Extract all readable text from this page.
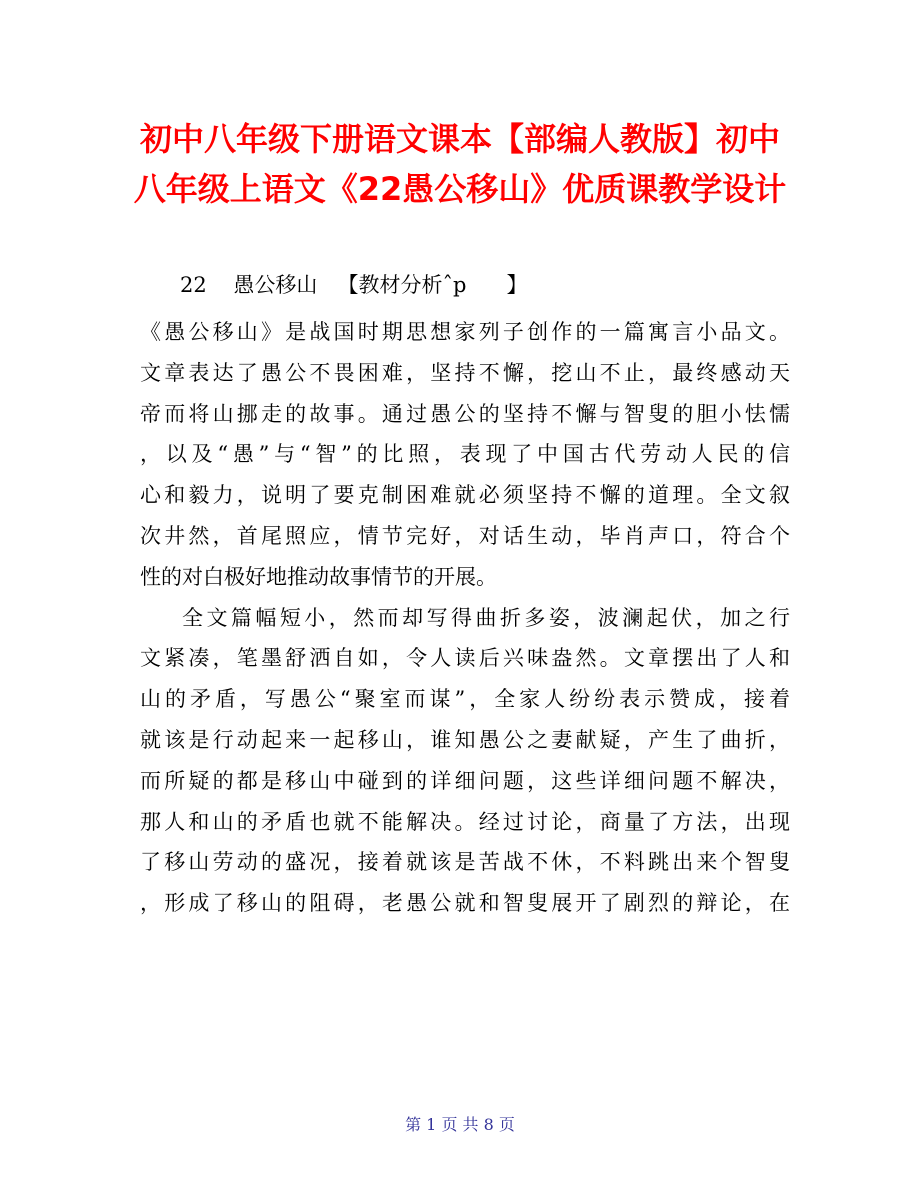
初中八年级下册语文课本【部编人教版】初中
八年级上语文《22愚公移山》优质课教学设计
22    愚公移山   【教材分析ˆp      】
《愚公移山》是战国时期思想家列子创作的一篇寓言小品文。
文章表达了愚公不畏困难，坚持不懈，挖山不止，最终感动天
帝而将山挪走的故事。通过愚公的坚持不懈与智叟的胆小怯懦
，以及“愚”与“智”的比照，表现了中国古代劳动人民的信
心和毅力，说明了要克制困难就必须坚持不懈的道理。全文叙
次井然，首尾照应，情节完好，对话生动，毕肖声口，符合个
性的对白极好地推动故事情节的开展。
全文篇幅短小，然而却写得曲折多姿，波澜起伏，加之行
文紧凑，笔墨舒洒自如，令人读后兴味盎然。文章摆出了人和
山的矛盾，写愚公“聚室而谋”，全家人纷纷表示赞成，接着
就该是行动起来一起移山，谁知愚公之妻献疑，产生了曲折，
而所疑的都是移山中碰到的详细问题，这些详细问题不解决，
那人和山的矛盾也就不能解决。经过讨论，商量了方法，出现
了移山劳动的盛况，接着就该是苦战不休，不料跳出来个智叟
，形成了移山的阻碍，老愚公就和智叟展开了剧烈的辩论，在
第 1 页 共 8 页
